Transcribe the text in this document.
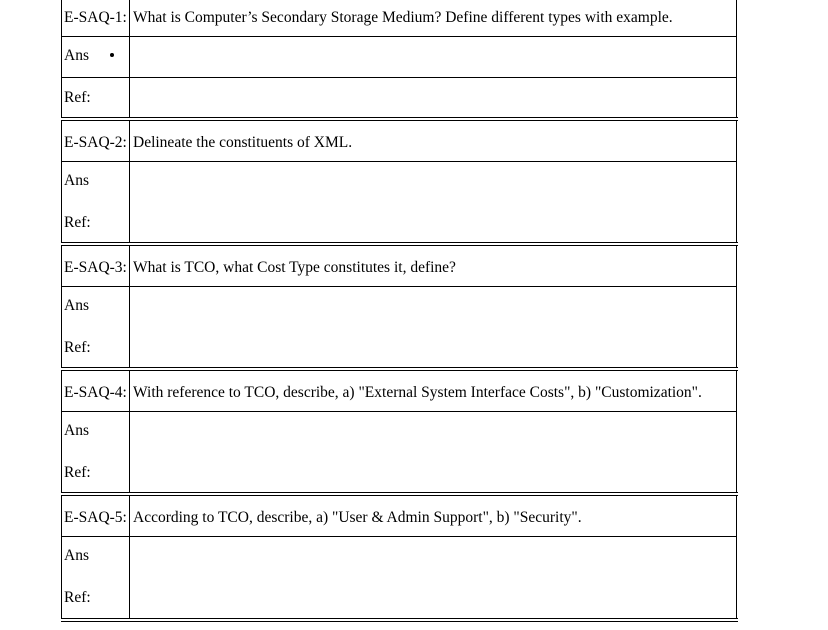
E-SAQ-1: What is Computer’s Secondary Storage Medium? Define different types with example.
Ans
Ref:
E-SAQ-2: Delineate the constituents of XML.
Ans
Ref:
E-SAQ-3: What is TCO, what Cost Type constitutes it, define?
Ans
Ref:
E-SAQ-4: With reference to TCO, describe, a) "External System Interface Costs", b) "Customization".
Ans
Ref:
E-SAQ-5: According to TCO, describe, a) "User & Admin Support", b) "Security".
Ans
Ref:
